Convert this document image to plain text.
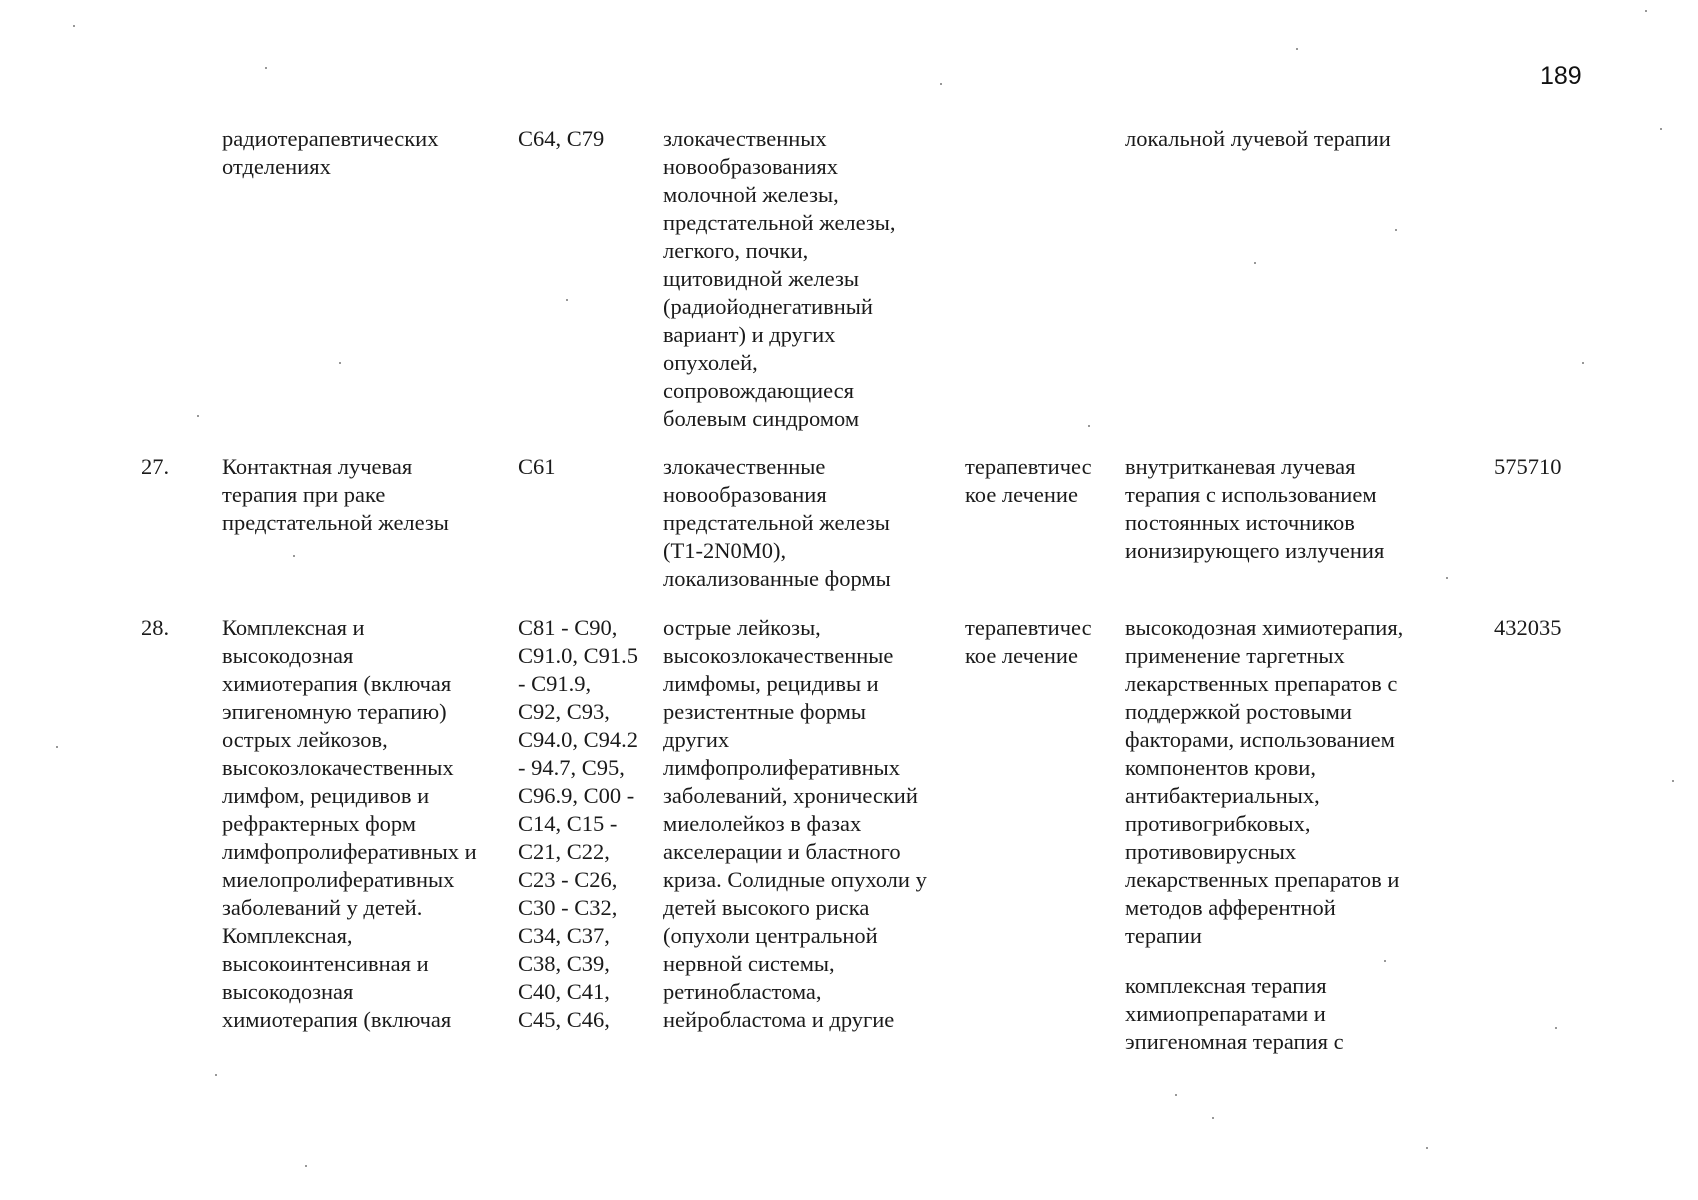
189
радиотерапевтических
отделениях
C64, C79	злокачественных
новообразованиях
молочной железы,
предстательной железы,
легкого, почки,
щитовидной железы
(радиойоднегативный
вариант) и других
опухолей,
сопровождающиеся
болевым синдромом
локальной лучевой терапии
27. Контактная лучевая
терапия при раке
предстательной железы
C61	злокачественные
новообразования
предстательной железы
(T1-2N0M0),
локализованные формы
терапевтичес
кое лечение
внутритканевая лучевая
терапия с использованием
постоянных источников
ионизирующего излучения
575710
28. Комплексная и
высокодозная
химиотерапия (включая
эпигеномную терапию)
острых лейкозов,
высокозлокачественных
лимфом, рецидивов и
рефрактерных форм
лимфопролиферативных и
миелопролиферативных
заболеваний у детей.
Комплексная,
высокоинтенсивная и
высокодозная
химиотерапия (включая
C81 - C90,
C91.0, C91.5
- C91.9,
C92, C93,
C94.0, C94.2
- 94.7, C95,
C96.9, C00 -
C14, C15 -
C21, C22,
C23 - C26,
C30 - C32,
C34, C37,
C38, C39,
C40, C41,
C45, C46,
острые лейкозы,
высокозлокачественные
лимфомы, рецидивы и
резистентные формы
других
лимфопролиферативных
заболеваний, хронический
миелолейкоз в фазах
акселерации и бластного
криза. Солидные опухоли у
детей высокого риска
(опухоли центральной
нервной системы,
ретинобластома,
нейробластома и другие
терапевтичес
кое лечение
высокодозная химиотерапия,
применение таргетных
лекарственных препаратов с
поддержкой ростовыми
факторами, использованием
компонентов крови,
антибактериальных,
противогрибковых,
противовирусных
лекарственных препаратов и
методов афферентной
терапии
комплексная терапия
химиопрепаратами и
эпигеномная терапия с
432035
